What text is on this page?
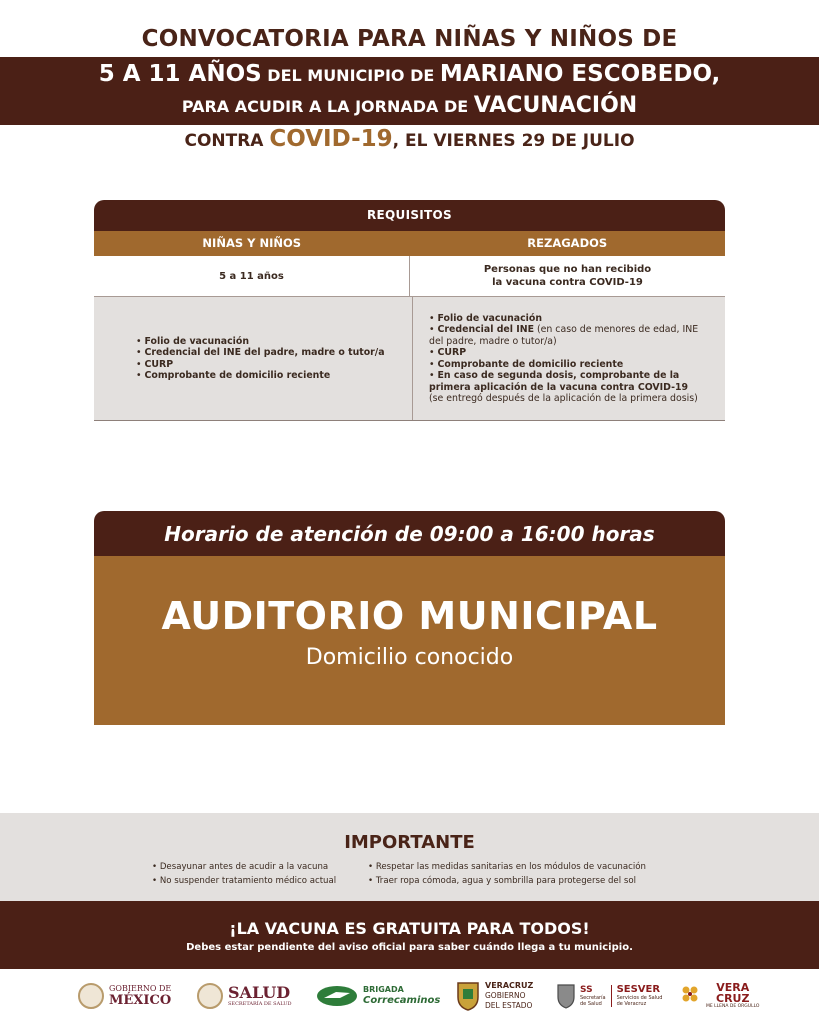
CONVOCATORIA PARA NIÑAS Y NIÑOS DE
5 A 11 AÑOS DEL MUNICIPIO DE MARIANO ESCOBEDO,
PARA ACUDIR A LA JORNADA DE VACUNACIÓN
CONTRA COVID-19, EL VIERNES 29 DE JULIO
REQUISITOS
NIÑAS Y NIÑOS	REZAGADOS
5 a 11 años
Personas que no han recibido
la vacuna contra COVID-19
• Folio de vacunación
• Credencial del INE del padre, madre o tutor/a
• CURP
• Comprobante de domicilio reciente
• Folio de vacunación
• Credencial del INE (en caso de menores de edad, INE del padre, madre o tutor/a)
• CURP
• Comprobante de domicilio reciente
• En caso de segunda dosis, comprobante de la primera aplicación de la vacuna contra COVID-19 (se entregó después de la aplicación de la primera dosis)
Horario de atención de 09:00 a 16:00 horas
AUDITORIO MUNICIPAL
Domicilio conocido
IMPORTANTE
• Desayunar antes de acudir a la vacuna
• No suspender tratamiento médico actual
• Respetar las medidas sanitarias en los módulos de vacunación
• Traer ropa cómoda, agua y sombrilla para protegerse del sol
¡LA VACUNA ES GRATUITA PARA TODOS!
Debes estar pendiente del aviso oficial para saber cuándo llega a tu municipio.
GOBIERNO DE
MÉXICO	SALUD
SECRETARÍA DE SALUD
BRIGADA
Correcaminos
VERACRUZ
GOBIERNO
DEL ESTADO
SS
Secretaría
de Salud
SESVER
Servicios de Salud
de Veracruz
VERA
CRUZ
ME LLENA DE ORGULLO
